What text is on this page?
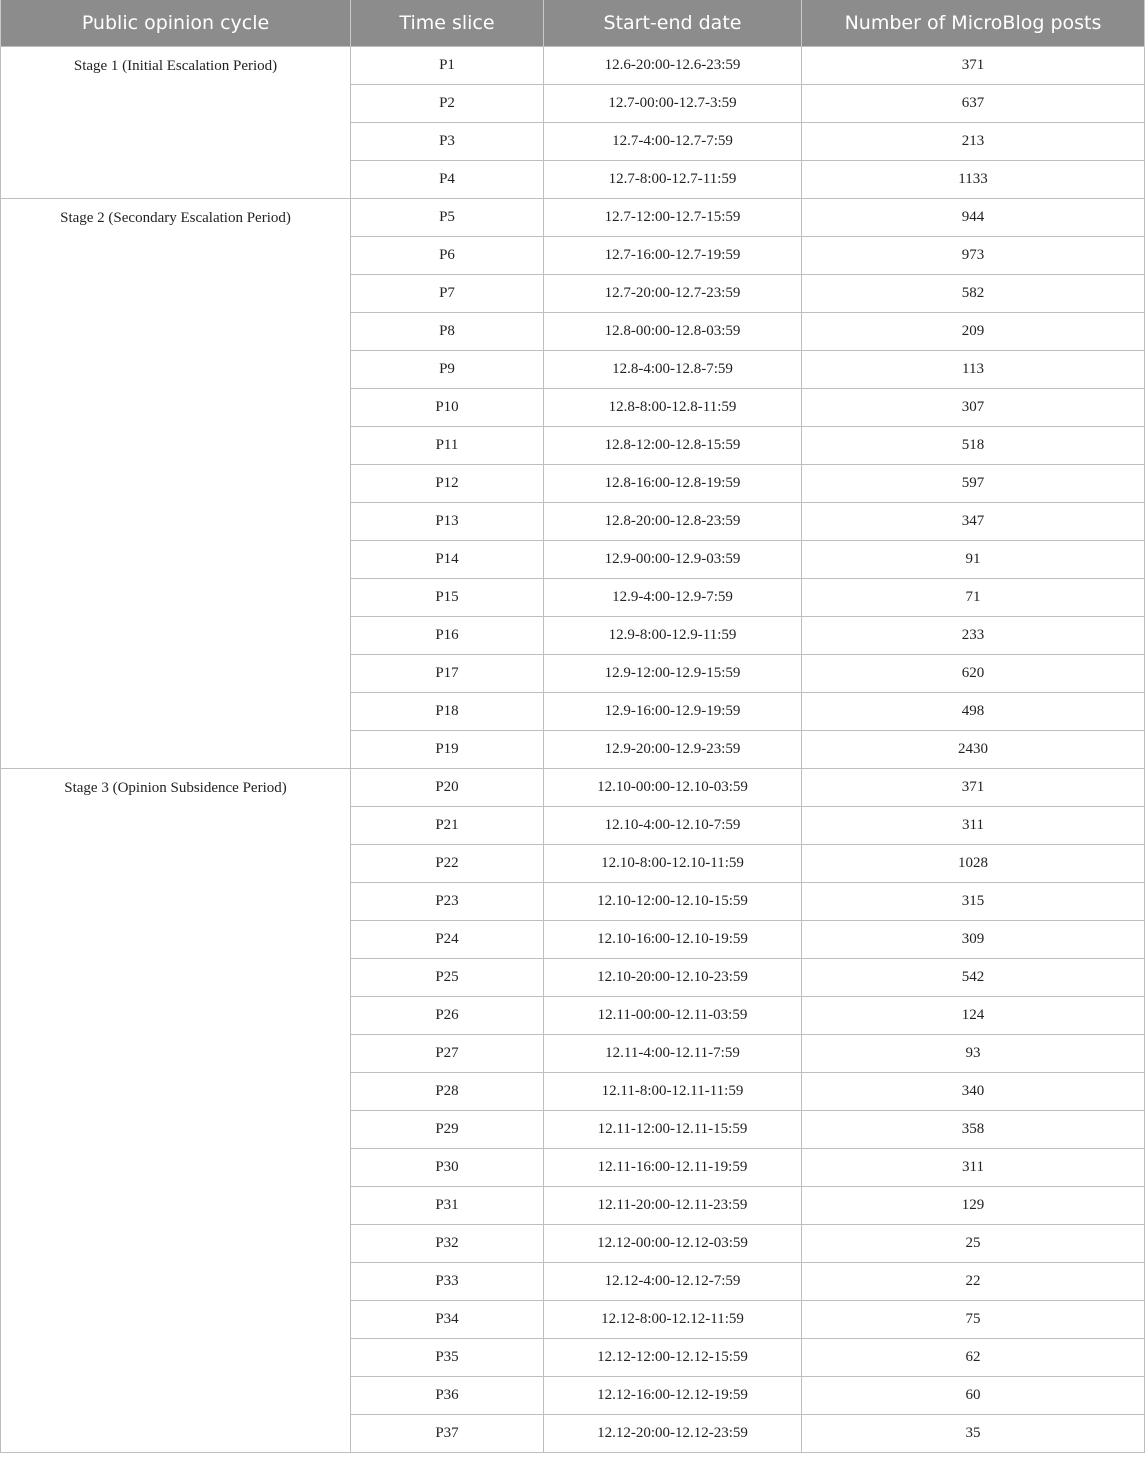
Public opinion cycle	Time slice	Start-end date	Number of MicroBlog posts
Stage 1 (Initial Escalation Period)	P1	12.6-20:00-12.6-23:59	371
	P2	12.7-00:00-12.7-3:59	637
	P3	12.7-4:00-12.7-7:59	213
	P4	12.7-8:00-12.7-11:59	1133
Stage 2 (Secondary Escalation Period)	P5	12.7-12:00-12.7-15:59	944
	P6	12.7-16:00-12.7-19:59	973
	P7	12.7-20:00-12.7-23:59	582
	P8	12.8-00:00-12.8-03:59	209
	P9	12.8-4:00-12.8-7:59	113
	P10	12.8-8:00-12.8-11:59	307
	P11	12.8-12:00-12.8-15:59	518
	P12	12.8-16:00-12.8-19:59	597
	P13	12.8-20:00-12.8-23:59	347
	P14	12.9-00:00-12.9-03:59	91
	P15	12.9-4:00-12.9-7:59	71
	P16	12.9-8:00-12.9-11:59	233
	P17	12.9-12:00-12.9-15:59	620
	P18	12.9-16:00-12.9-19:59	498
	P19	12.9-20:00-12.9-23:59	2430
Stage 3 (Opinion Subsidence Period)	P20	12.10-00:00-12.10-03:59	371
	P21	12.10-4:00-12.10-7:59	311
	P22	12.10-8:00-12.10-11:59	1028
	P23	12.10-12:00-12.10-15:59	315
	P24	12.10-16:00-12.10-19:59	309
	P25	12.10-20:00-12.10-23:59	542
	P26	12.11-00:00-12.11-03:59	124
	P27	12.11-4:00-12.11-7:59	93
	P28	12.11-8:00-12.11-11:59	340
	P29	12.11-12:00-12.11-15:59	358
	P30	12.11-16:00-12.11-19:59	311
	P31	12.11-20:00-12.11-23:59	129
	P32	12.12-00:00-12.12-03:59	25
	P33	12.12-4:00-12.12-7:59	22
	P34	12.12-8:00-12.12-11:59	75
	P35	12.12-12:00-12.12-15:59	62
	P36	12.12-16:00-12.12-19:59	60
	P37	12.12-20:00-12.12-23:59	35
